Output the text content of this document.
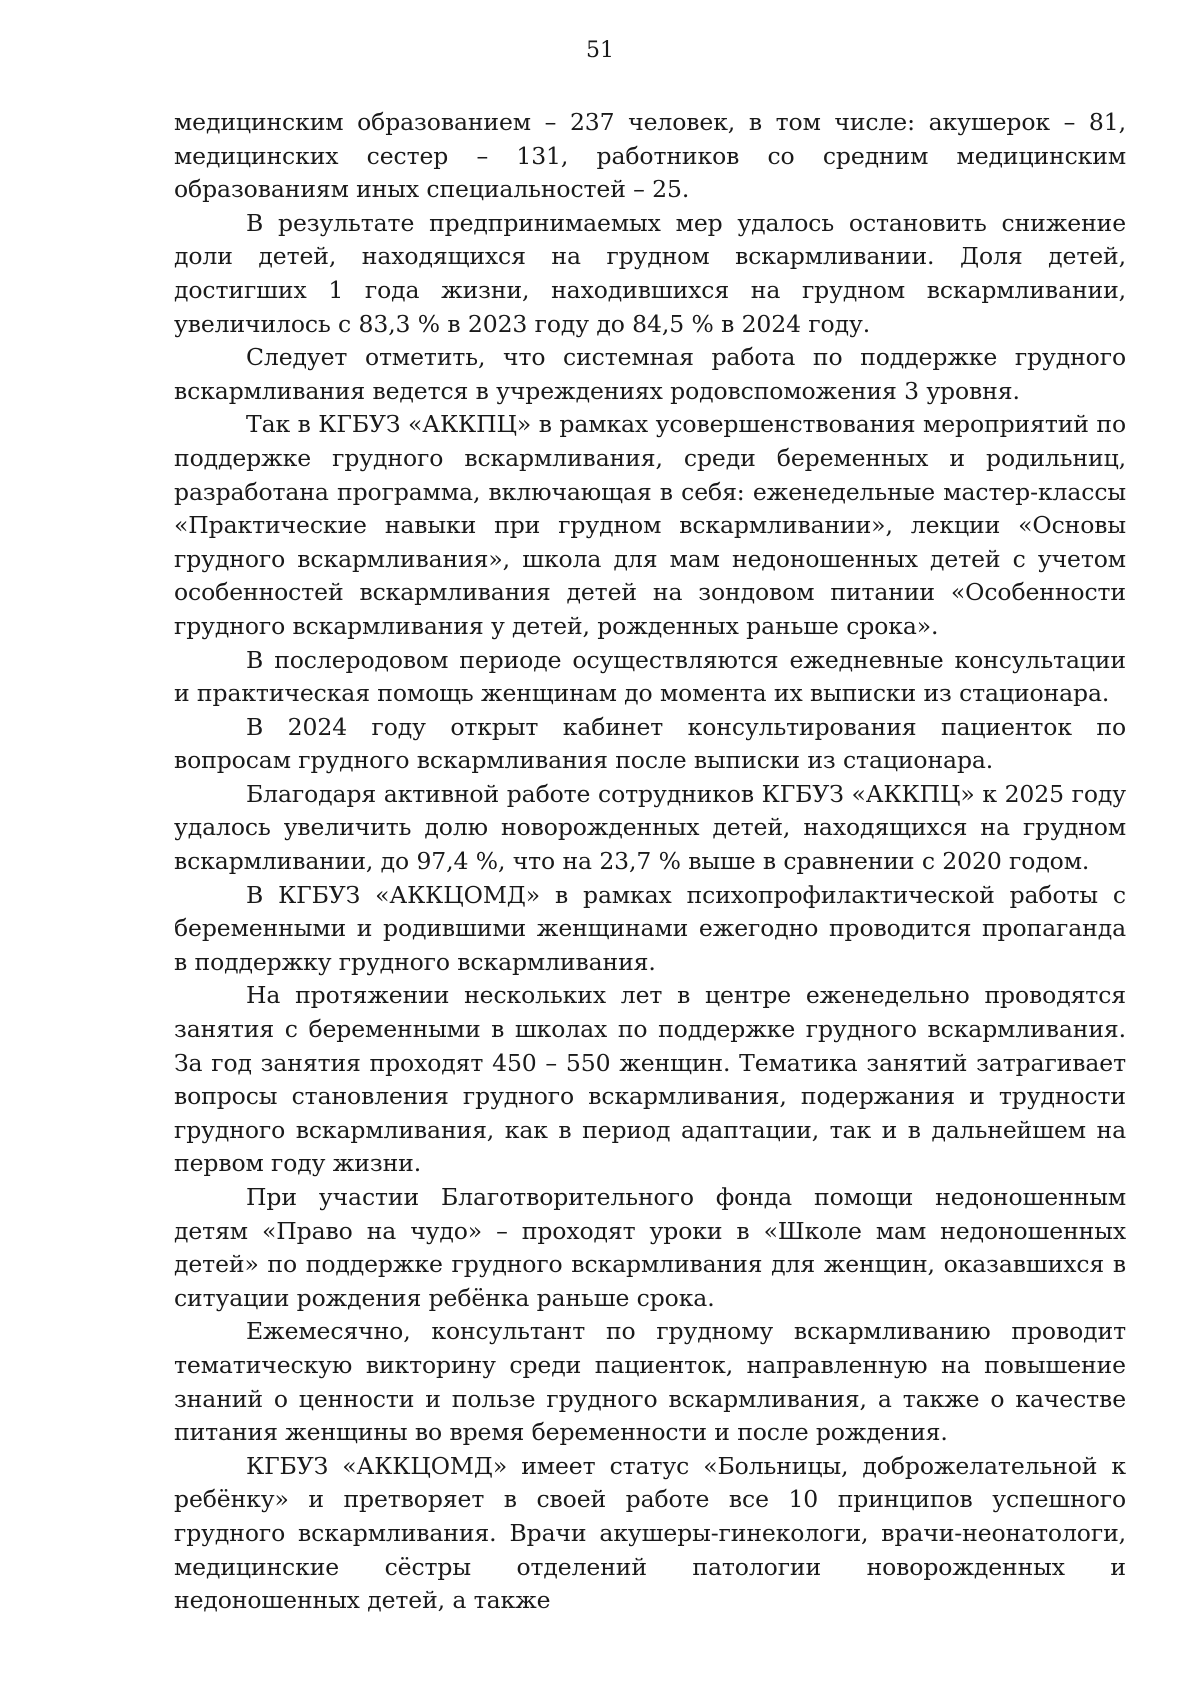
51

медицинским образованием – 237 человек, в том числе: акушерок – 81, медицинских сестер – 131, работников со средним медицинским образованиям иных специальностей – 25.

В результате предпринимаемых мер удалось остановить снижение доли детей, находящихся на грудном вскармливании. Доля детей, достигших 1 года жизни, находившихся на грудном вскармливании, увеличилось с 83,3 % в 2023 году до 84,5 % в 2024 году.

Следует отметить, что системная работа по поддержке грудного вскармливания ведется в учреждениях родовспоможения 3 уровня.

Так в КГБУЗ «АККПЦ» в рамках усовершенствования мероприятий по поддержке грудного вскармливания, среди беременных и родильниц, разработана программа, включающая в себя: еженедельные мастер-классы «Практические навыки при грудном вскармливании», лекции «Основы грудного вскармливания», школа для мам недоношенных детей с учетом особенностей вскармливания детей на зондовом питании «Особенности грудного вскармливания у детей, рожденных раньше срока».

В послеродовом периоде осуществляются ежедневные консультации и практическая помощь женщинам до момента их выписки из стационара.

В 2024 году открыт кабинет консультирования пациенток по вопросам грудного вскармливания после выписки из стационара.

Благодаря активной работе сотрудников КГБУЗ «АККПЦ» к 2025 году удалось увеличить долю новорожденных детей, находящихся на грудном вскармливании, до 97,4 %, что на 23,7 % выше в сравнении с 2020 годом.

В КГБУЗ «АККЦОМД» в рамках психопрофилактической работы с беременными и родившими женщинами ежегодно проводится пропаганда в поддержку грудного вскармливания.

На протяжении нескольких лет в центре еженедельно проводятся занятия с беременными в школах по поддержке грудного вскармливания. За год занятия проходят 450 – 550 женщин. Тематика занятий затрагивает вопросы становления грудного вскармливания, подержания и трудности грудного вскармливания, как в период адаптации, так и в дальнейшем на первом году жизни.

При участии Благотворительного фонда помощи недоношенным детям «Право на чудо» – проходят уроки в «Школе мам недоношенных детей» по поддержке грудного вскармливания для женщин, оказавшихся в ситуации рождения ребёнка раньше срока.

Ежемесячно, консультант по грудному вскармливанию проводит тематическую викторину среди пациенток, направленную на повышение знаний о ценности и пользе грудного вскармливания, а также о качестве питания женщины во время беременности и после рождения.

КГБУЗ «АККЦОМД» имеет статус «Больницы, доброжелательной к ребёнку» и претворяет в своей работе все 10 принципов успешного грудного вскармливания. Врачи акушеры-гинекологи, врачи-неонатологи, медицинские сёстры отделений патологии новорожденных и недоношенных детей, а также
